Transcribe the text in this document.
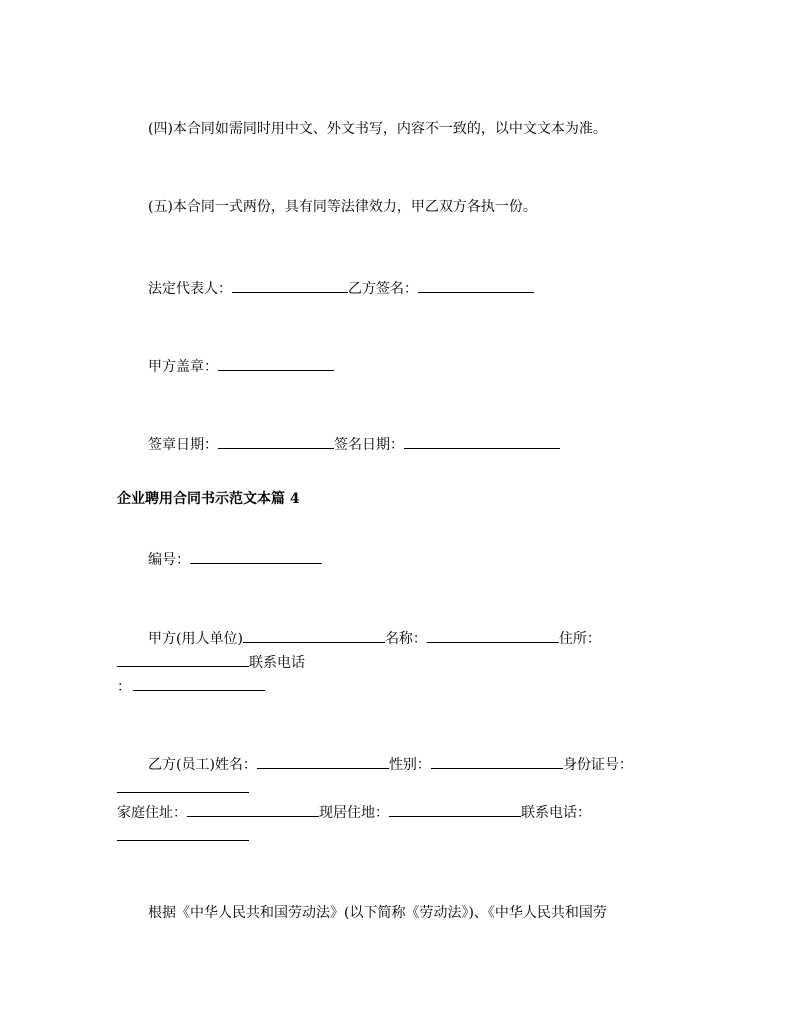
(四)本合同如需同时用中文、外文书写，内容不一致的，以中文文本为准。
(五)本合同一式两份，具有同等法律效力，甲乙双方各执一份。
法定代表人：	乙方签名：
甲方盖章：
签章日期：	签名日期：
企业聘用合同书示范文本篇 4
编号：
甲方(用人单位)	名称：	住所：
联系电话
：
乙方(员工)姓名：	性别：	身份证号：
家庭住址：	现居住地：	联系电话：
根据《中华人民共和国劳动法》(以下简称《劳动法》)、《中华人民共和国劳
